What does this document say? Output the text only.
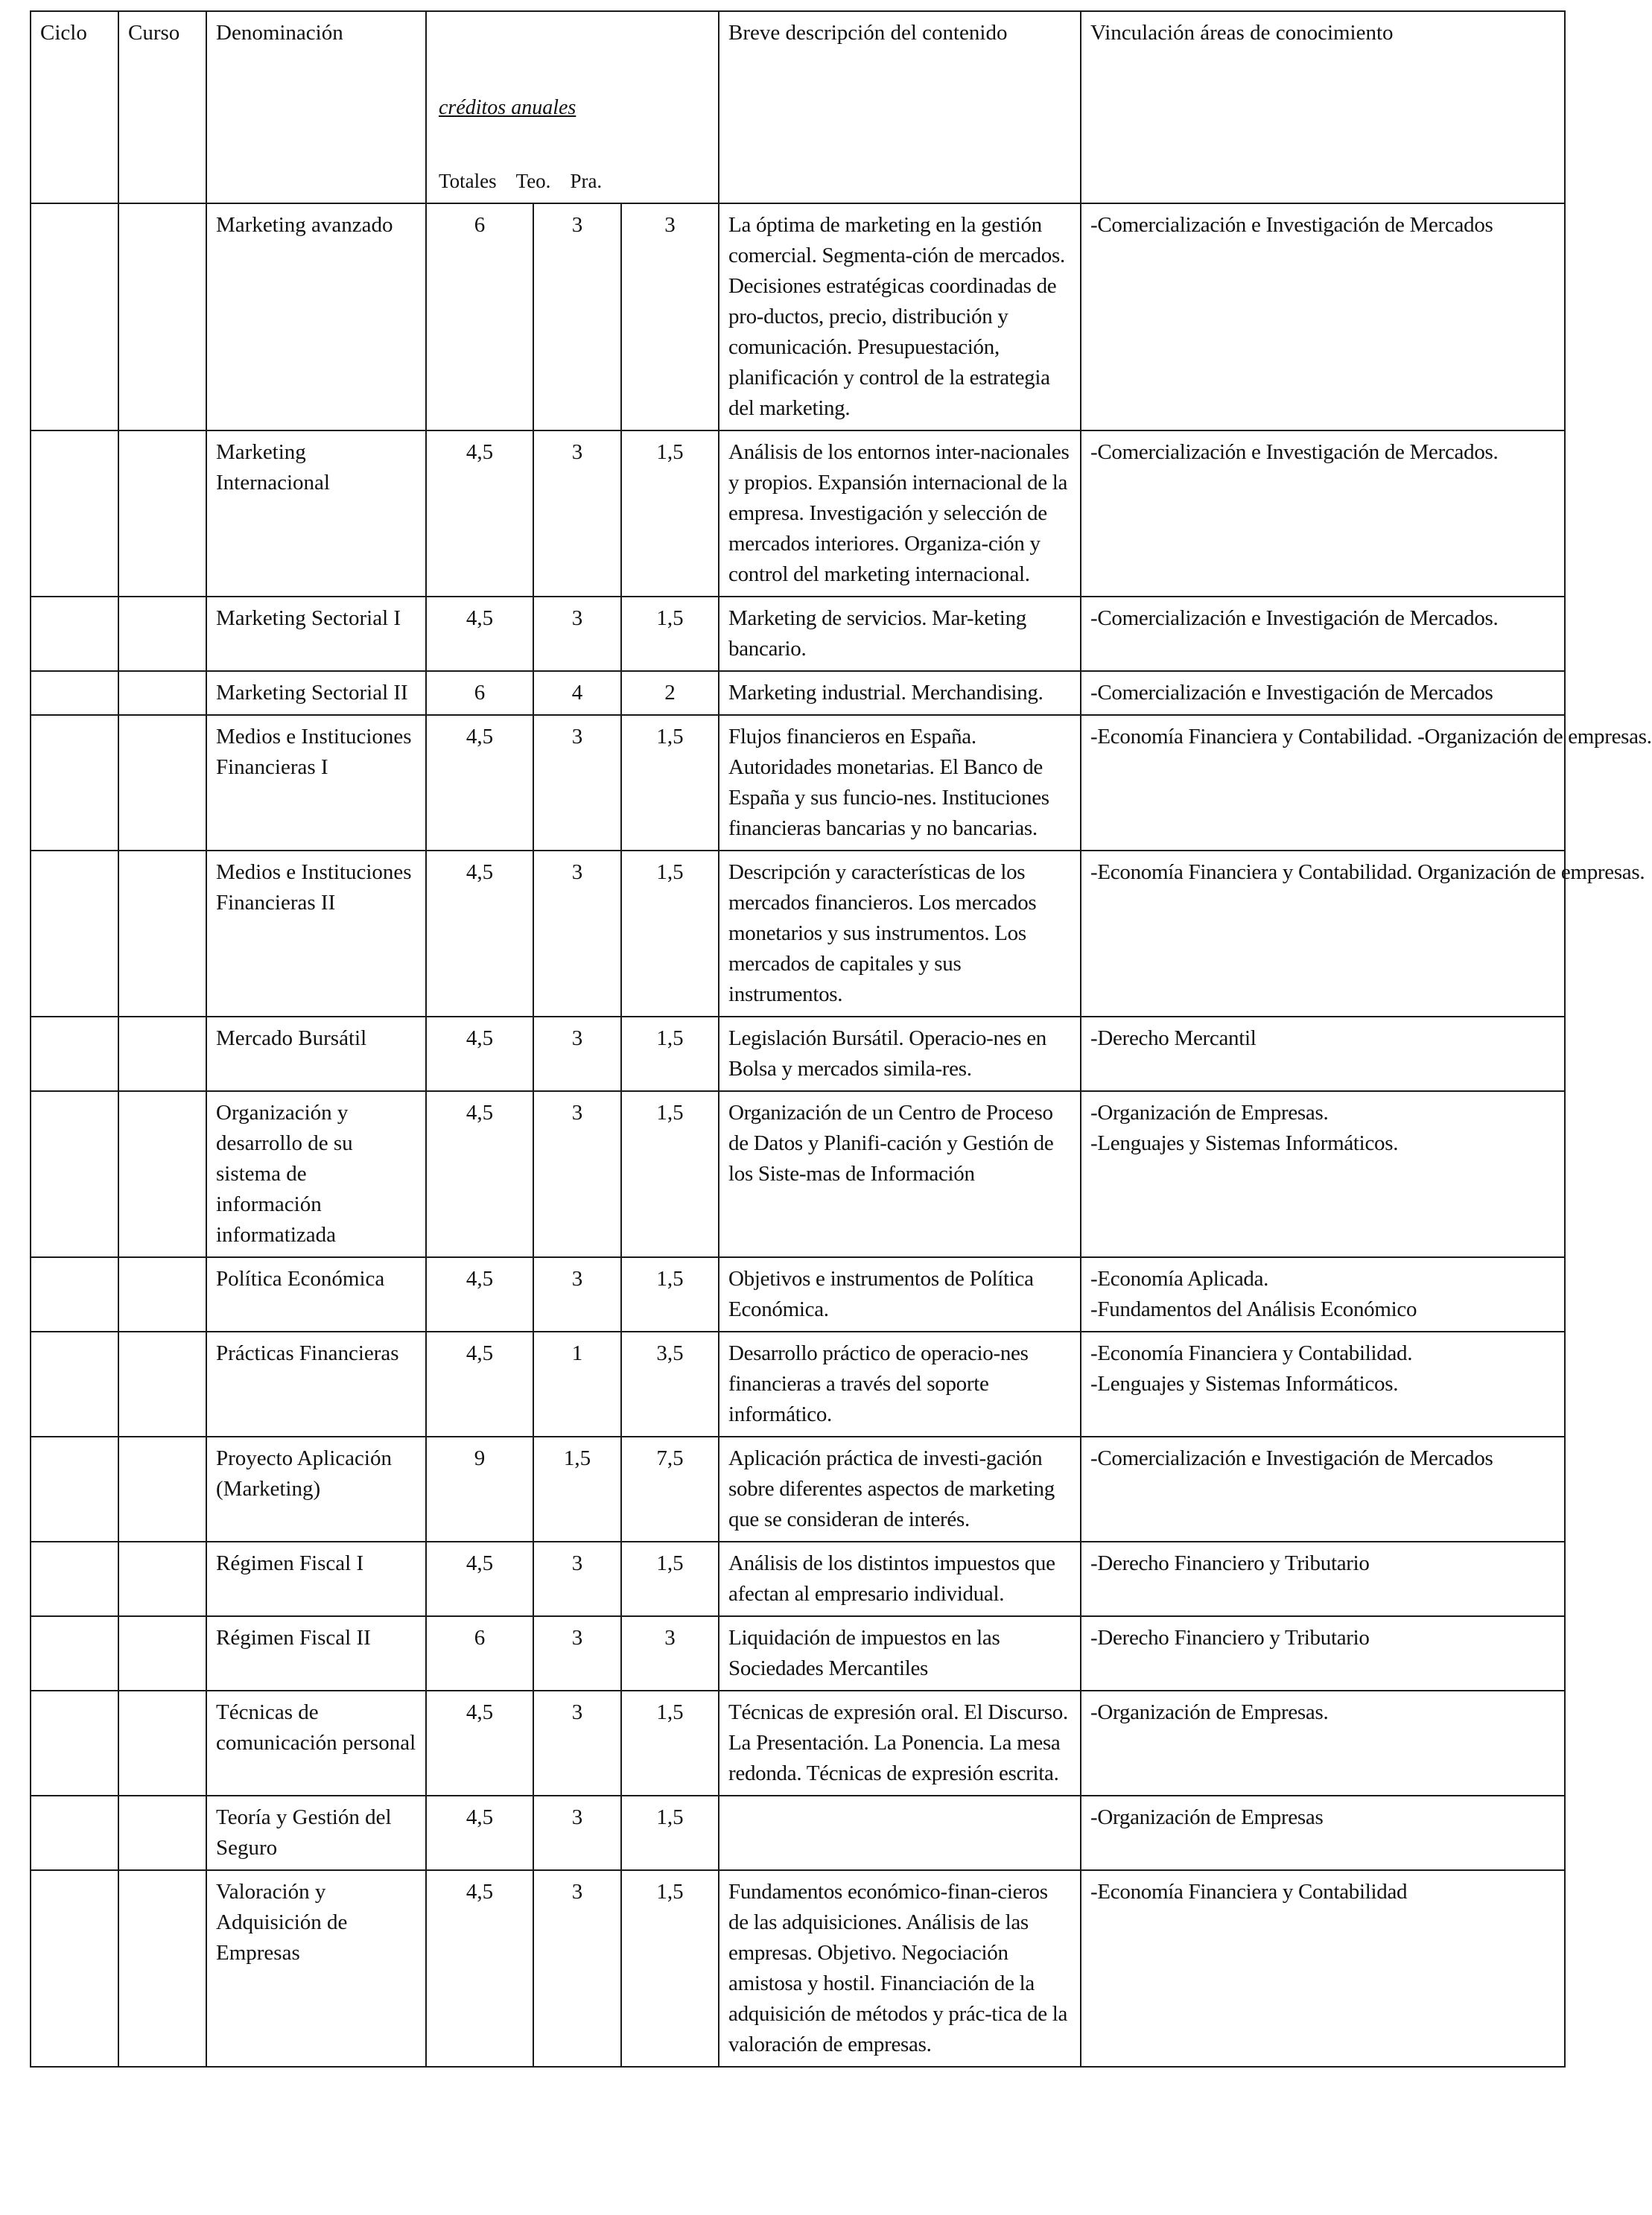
Ciclo	Curso	Denominación	créditos anuales
Totales Teo. Pra.			Breve descripción del contenido	Vinculación áreas de conocimiento
		Marketing avanzado	6	3	3	La óptima de marketing en la gestión comercial. Segmenta-ción de mercados. Decisiones estratégicas coordinadas de pro-ductos, precio, distribución y comunicación. Presupuestación, planificación y control de la estrategia del marketing.	-Comercialización e Investigación de Mercados

		Marketing Internacional	4,5	3	1,5	Análisis de los entornos inter-nacionales y propios. Expansión internacional de la empresa. Investigación y selección de mercados interiores. Organiza-ción y control del marketing internacional.	-Comercialización e Investigación de Mercados.

		Marketing Sectorial I	4,5	3	1,5	Marketing de servicios. Mar-keting bancario.	-Comercialización e Investigación de Mercados.

		Marketing Sectorial II	6	4	2	Marketing industrial. Merchandising.	-Comercialización e Investigación de Mercados

		Medios e Instituciones Financieras I	4,5	3	1,5	Flujos financieros en España. Autoridades monetarias. El Banco de España y sus funcio-nes. Instituciones financieras bancarias y no bancarias.	-Economía Financiera y Contabilidad. -Organización de empresas.

		Medios e Instituciones Financieras II	4,5	3	1,5	Descripción y características de los mercados financieros. Los mercados monetarios y sus instrumentos. Los mercados de capitales y sus instrumentos.	-Economía Financiera y Contabilidad. Organización de empresas.

		Mercado Bursátil	4,5	3	1,5	Legislación Bursátil. Operacio-nes en Bolsa y mercados simila-res.	-Derecho Mercantil

		Organización y desarrollo de su sistema de información informatizada	4,5	3	1,5	Organización de un Centro de Proceso de Datos y Planifi-cación y Gestión de los Siste-mas de Información	-Organización de Empresas.
-Lenguajes y Sistemas Informáticos.

		Política Económica	4,5	3	1,5	Objetivos e instrumentos de Política Económica.	-Economía Aplicada.
-Fundamentos del Análisis Económico

		Prácticas Financieras	4,5	1	3,5	Desarrollo práctico de operacio-nes financieras a través del soporte informático.	-Economía Financiera y Contabilidad.
-Lenguajes y Sistemas Informáticos.

		Proyecto Aplicación (Marketing)	9	1,5	7,5	Aplicación práctica de investi-gación sobre diferentes aspectos de marketing que se consideran de interés.	-Comercialización e Investigación de Mercados

		Régimen Fiscal I	4,5	3	1,5	Análisis de los distintos impuestos que afectan al empresario individual.	-Derecho Financiero y Tributario

		Régimen Fiscal II	6	3	3	Liquidación de impuestos en las Sociedades Mercantiles	-Derecho Financiero y Tributario

		Técnicas de comunicación personal	4,5	3	1,5	Técnicas de expresión oral. El Discurso. La Presentación. La Ponencia. La mesa redonda. Técnicas de expresión escrita.	-Organización de Empresas.

		Teoría y Gestión del Seguro	4,5	3	1,5		-Organización de Empresas

		Valoración y Adquisición de Empresas	4,5	3	1,5	Fundamentos económico-finan-cieros de las adquisiciones. Análisis de las empresas. Objetivo. Negociación amistosa y hostil. Financiación de la adquisición de métodos y prác-tica de la valoración de empresas.	-Economía Financiera y Contabilidad
